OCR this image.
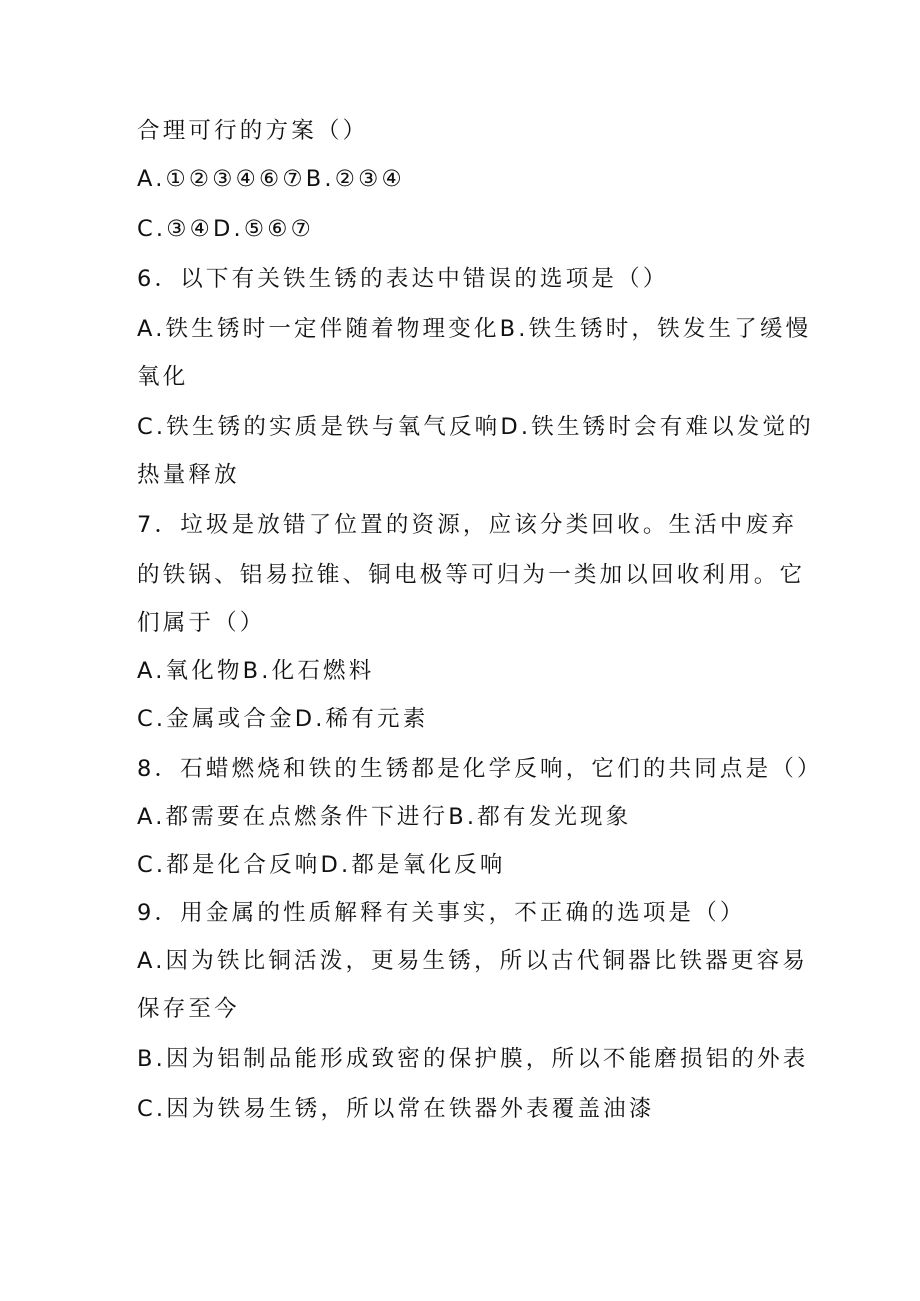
合理可行的方案（）
A.①②③④⑥⑦B.②③④
C.③④D.⑤⑥⑦
6．以下有关铁生锈的表达中错误的选项是（）
A.铁生锈时一定伴随着物理变化B.铁生锈时，铁发生了缓慢
氧化
C.铁生锈的实质是铁与氧气反响D.铁生锈时会有难以发觉的
热量释放
7．垃圾是放错了位置的资源，应该分类回收。生活中废弃
的铁锅、铝易拉锥、铜电极等可归为一类加以回收利用。它
们属于（）
A.氧化物B.化石燃料
C.金属或合金D.稀有元素
8．石蜡燃烧和铁的生锈都是化学反响，它们的共同点是（）
A.都需要在点燃条件下进行B.都有发光现象
C.都是化合反响D.都是氧化反响
9．用金属的性质解释有关事实，不正确的选项是（）
A.因为铁比铜活泼，更易生锈，所以古代铜器比铁器更容易
保存至今
B.因为铝制品能形成致密的保护膜，所以不能磨损铝的外表
C.因为铁易生锈，所以常在铁器外表覆盖油漆
